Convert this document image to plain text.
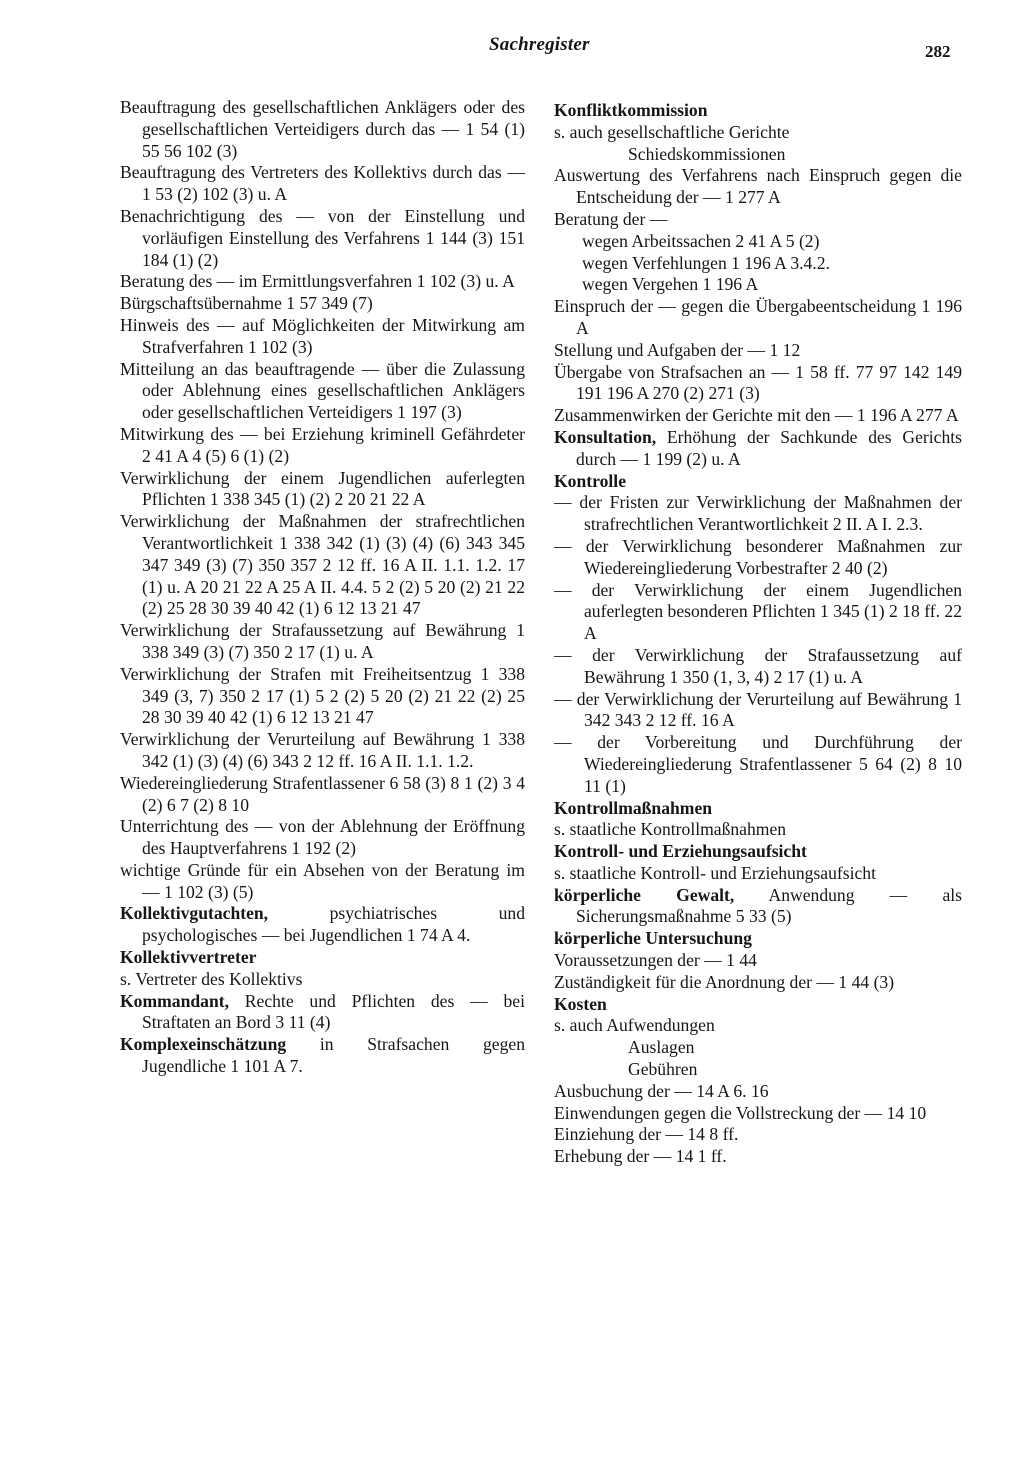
Sachregister	282

Beauftragung des gesellschaftlichen Anklägers oder des gesellschaftlichen Verteidigers durch das — 1 54 (1) 55 56 102 (3)

Beauftragung des Vertreters des Kollektivs durch das — 1 53 (2) 102 (3) u. A

Benachrichtigung des — von der Einstellung und vorläufigen Einstellung des Verfahrens 1 144 (3) 151 184 (1) (2)

Beratung des — im Ermittlungsverfahren 1 102 (3) u. A

Bürgschaftsübernahme 1 57 349 (7)

Hinweis des — auf Möglichkeiten der Mitwirkung am Strafverfahren 1 102 (3)

Mitteilung an das beauftragende — über die Zulassung oder Ablehnung eines gesellschaftlichen Anklägers oder gesellschaftlichen Verteidigers 1 197 (3)

Mitwirkung des — bei Erziehung kriminell Gefährdeter 2 41 A 4 (5) 6 (1) (2)

Verwirklichung der einem Jugendlichen auferlegten Pflichten 1 338 345 (1) (2) 2 20 21 22 A

Verwirklichung der Maßnahmen der strafrechtlichen Verantwortlichkeit 1 338 342 (1) (3) (4) (6) 343 345 347 349 (3) (7) 350 357 2 12 ff. 16 A II. 1.1. 1.2. 17 (1) u. A 20 21 22 A 25 A II. 4.4. 5 2 (2) 5 20 (2) 21 22 (2) 25 28 30 39 40 42 (1) 6 12 13 21 47

Verwirklichung der Strafaussetzung auf Bewährung 1 338 349 (3) (7) 350 2 17 (1) u. A

Verwirklichung der Strafen mit Freiheitsentzug 1 338 349 (3, 7) 350 2 17 (1) 5 2 (2) 5 20 (2) 21 22 (2) 25 28 30 39 40 42 (1) 6 12 13 21 47

Verwirklichung der Verurteilung auf Bewährung 1 338 342 (1) (3) (4) (6) 343 2 12 ff. 16 A II. 1.1. 1.2.

Wiedereingliederung Strafentlassener 6 58 (3) 8 1 (2) 3 4 (2) 6 7 (2) 8 10

Unterrichtung des — von der Ablehnung der Eröffnung des Hauptverfahrens 1 192 (2)

wichtige Gründe für ein Absehen von der Beratung im — 1 102 (3) (5)

Kollektivgutachten, psychiatrisches und psychologisches — bei Jugendlichen 1 74 A 4.

Kollektivvertreter

s. Vertreter des Kollektivs

Kommandant, Rechte und Pflichten des — bei Straftaten an Bord 3 11 (4)

Komplexeinschätzung in Strafsachen gegen Jugendliche 1 101 A 7.

Konfliktkommission

s. auch gesellschaftliche Gerichte
Schiedskommissionen

Auswertung des Verfahrens nach Einspruch gegen die Entscheidung der — 1 277 A

Beratung der —
wegen Arbeitssachen 2 41 A 5 (2)
wegen Verfehlungen 1 196 A 3.4.2.
wegen Vergehen 1 196 A

Einspruch der — gegen die Übergabeentscheidung 1 196 A

Stellung und Aufgaben der — 1 12

Übergabe von Strafsachen an — 1 58 ff. 77 97 142 149 191 196 A 270 (2) 271 (3)

Zusammenwirken der Gerichte mit den — 1 196 A 277 A

Konsultation, Erhöhung der Sachkunde des Gerichts durch — 1 199 (2) u. A

Kontrolle

— der Fristen zur Verwirklichung der Maßnahmen der strafrechtlichen Verantwortlichkeit 2 II. A I. 2.3.

— der Verwirklichung besonderer Maßnahmen zur Wiedereingliederung Vorbestrafter 2 40 (2)

— der Verwirklichung der einem Jugendlichen auferlegten besonderen Pflichten 1 345 (1) 2 18 ff. 22 A

— der Verwirklichung der Strafaussetzung auf Bewährung 1 350 (1, 3, 4) 2 17 (1) u. A

— der Verwirklichung der Verurteilung auf Bewährung 1 342 343 2 12 ff. 16 A

— der Vorbereitung und Durchführung der Wiedereingliederung Strafentlassener 5 64 (2) 8 10 11 (1)

Kontrollmaßnahmen

s. staatliche Kontrollmaßnahmen

Kontroll- und Erziehungsaufsicht

s. staatliche Kontroll- und Erziehungsaufsicht

körperliche Gewalt, Anwendung — als Sicherungsmaßnahme 5 33 (5)

körperliche Untersuchung

Voraussetzungen der — 1 44

Zuständigkeit für die Anordnung der — 1 44 (3)

Kosten

s. auch Aufwendungen
Auslagen
Gebühren

Ausbuchung der — 14 A 6. 16

Einwendungen gegen die Vollstreckung der — 14 10

Einziehung der — 14 8 ff.

Erhebung der — 14 1 ff.
